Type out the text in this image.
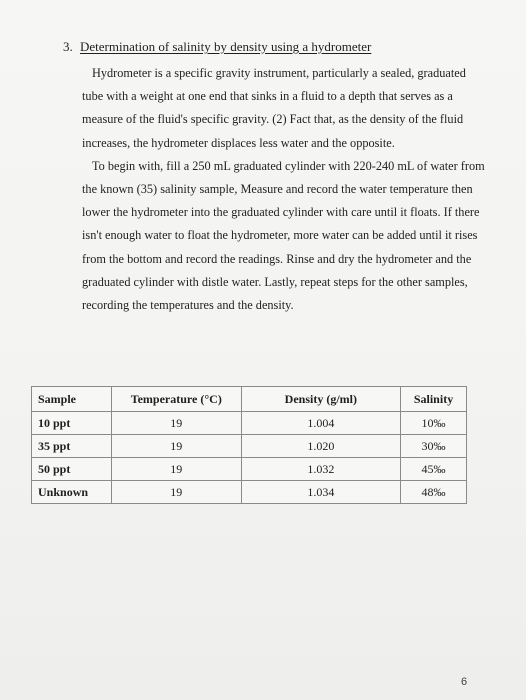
3. Determination of salinity by density using a hydrometer

Hydrometer is a specific gravity instrument, particularly a sealed, graduated tube with a weight at one end that sinks in a fluid to a depth that serves as a measure of the fluid's specific gravity. (2) Fact that, as the density of the fluid increases, the hydrometer displaces less water and the opposite.

To begin with, fill a 250 mL graduated cylinder with 220-240 mL of water from the known (35) salinity sample, Measure and record the water temperature then lower the hydrometer into the graduated cylinder with care until it floats. If there isn't enough water to float the hydrometer, more water can be added until it rises from the bottom and record the readings. Rinse and dry the hydrometer and the graduated cylinder with distle water. Lastly, repeat steps for the other samples, recording the temperatures and the density.

Sample	Temperature (°C)	Density (g/ml)	Salinity
10 ppt	19	1.004	10‰
35 ppt	19	1.020	30‰
50 ppt	19	1.032	45‰
Unknown	19	1.034	48‰
6
